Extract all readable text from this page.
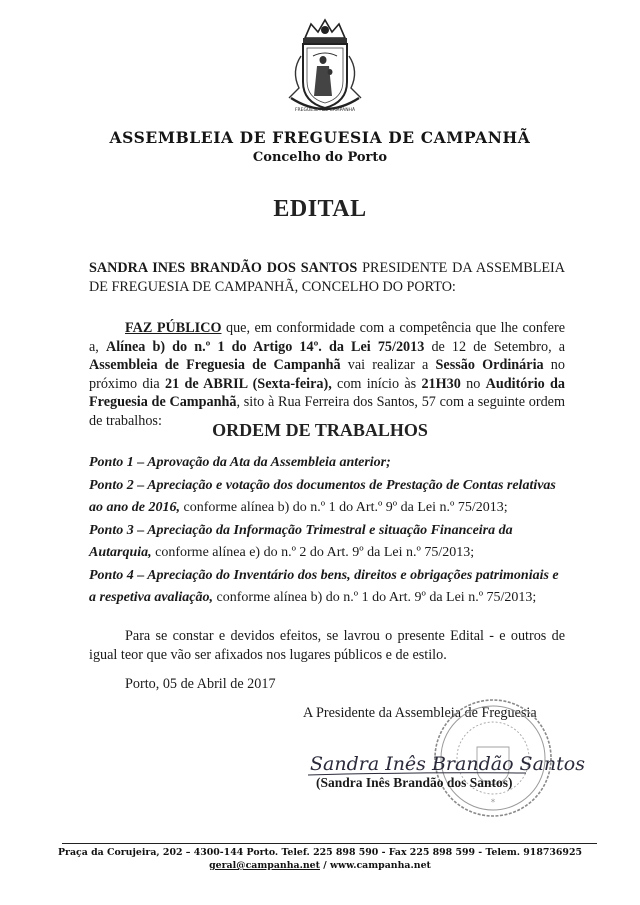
FREGUESIA DE CAMPANHÃ
ASSEMBLEIA DE FREGUESIA DE CAMPANHÃ
Concelho do Porto
EDITAL
SANDRA INES BRANDÃO DOS SANTOS PRESIDENTE DA ASSEMBLEIA DE FREGUESIA DE CAMPANHÃ, CONCELHO DO PORTO:
FAZ PÚBLICO que, em conformidade com a competência que lhe confere a, Alínea b) do n.º 1 do Artigo 14º. da Lei 75/2013 de 12 de Setembro, a Assembleia de Freguesia de Campanhã vai realizar a Sessão Ordinária no próximo dia 21 de ABRIL (Sexta-feira), com início às 21H30 no Auditório da Freguesia de Campanhã, sito à Rua Ferreira dos Santos, 57 com a seguinte ordem de trabalhos:	ORDEM DE TRABALHOS
Ponto 1 – Aprovação da Ata da Assembleia anterior;
Ponto 2 – Apreciação e votação dos documentos de Prestação de Contas relativas ao ano de 2016, conforme alínea b) do n.º 1 do Art.º 9º da Lei n.º 75/2013;
Ponto 3 – Apreciação da Informação Trimestral e situação Financeira da Autarquia, conforme alínea e) do n.º 2 do Art. 9º da Lei n.º 75/2013;
Ponto 4 – Apreciação do Inventário dos bens, direitos e obrigações patrimoniais e a respetiva avaliação, conforme alínea b) do n.º 1 do Art. 9º da Lei n.º 75/2013;
Para se constar e devidos efeitos, se lavrou o presente Edital - e outros de igual teor que vão ser afixados nos lugares públicos e de estilo.
Porto, 05 de Abril de 2017
A Presidente da Assembleia de Freguesia
*
Sandra Inês Brandão Santos
(Sandra Inês Brandão dos Santos)
Praça da Corujeira, 202 – 4300-144 Porto. Telef. 225 898 590 - Fax 225 898 599 - Telem. 918736925
geral@campanha.net / www.campanha.net
